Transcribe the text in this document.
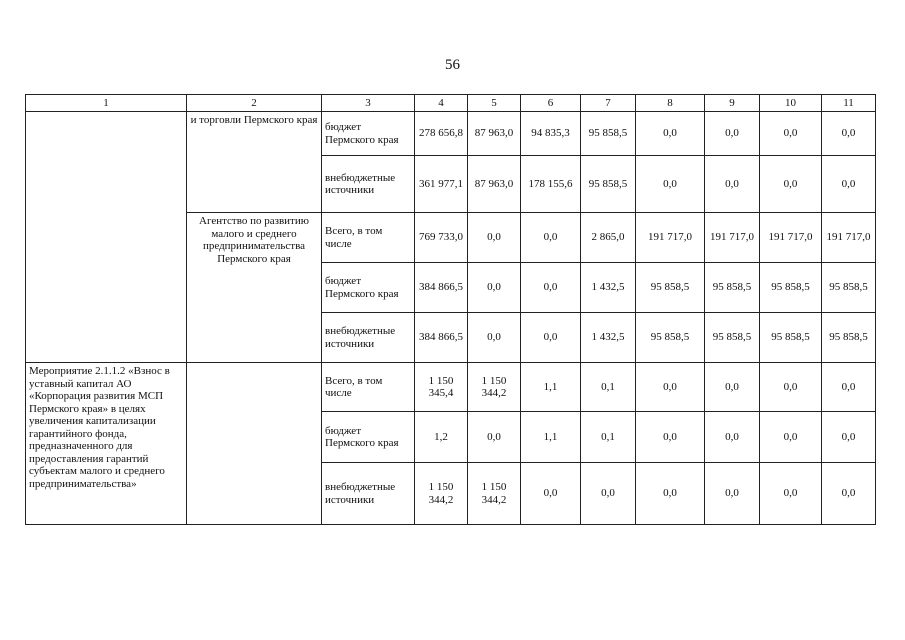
56
1	2	3	4	5	6	7	8	9	10	11
	и торговли Пермского края	бюджет Пермского края	278 656,8	87 963,0	94 835,3	95 858,5	0,0	0,0	0,0	0,0
		внебюджетные источники	361 977,1	87 963,0	178 155,6	95 858,5	0,0	0,0	0,0	0,0
	Агентство по развитию малого и среднего предпринимательства Пермского края	Всего, в том числе	769 733,0	0,0	0,0	2 865,0	191 717,0	191 717,0	191 717,0	191 717,0
		бюджет Пермского края	384 866,5	0,0	0,0	1 432,5	95 858,5	95 858,5	95 858,5	95 858,5
		внебюджетные источники	384 866,5	0,0	0,0	1 432,5	95 858,5	95 858,5	95 858,5	95 858,5
Мероприятие 2.1.1.2 «Взнос в уставный капитал АО «Корпорация развития МСП Пермского края» в целях увеличения капитализации гарантийного фонда, предназначенного для предоставления гарантий субъектам малого и среднего предпринимательства»		Всего, в том числе	1 150 345,4	1 150 344,2	1,1	0,1	0,0	0,0	0,0	0,0
		бюджет Пермского края	1,2	0,0	1,1	0,1	0,0	0,0	0,0	0,0
		внебюджетные источники	1 150 344,2	1 150 344,2	0,0	0,0	0,0	0,0	0,0	0,0
